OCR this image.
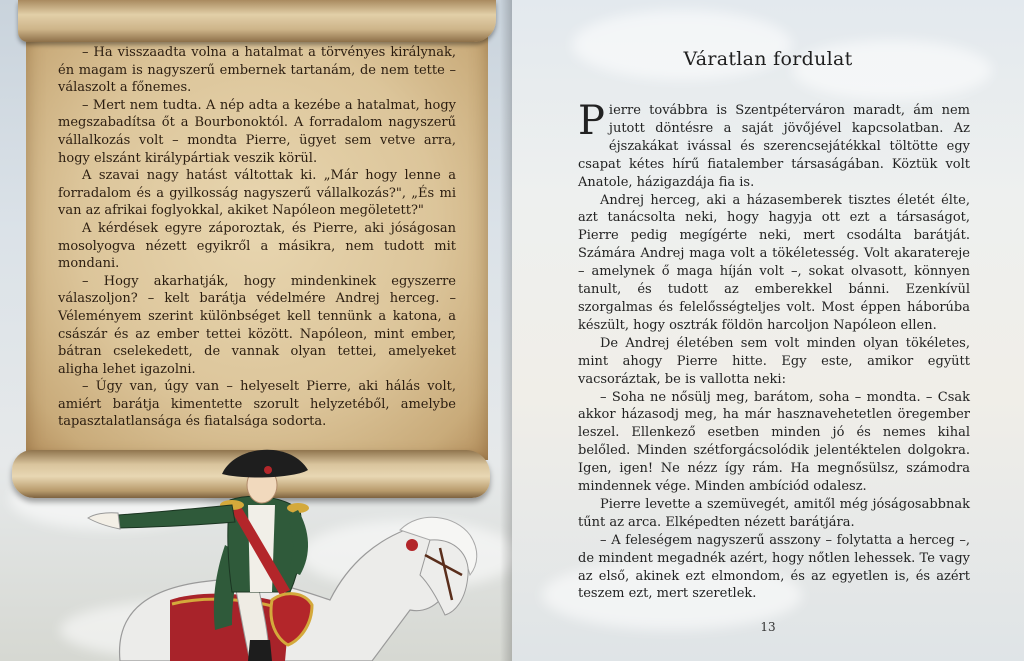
– Ha visszaadta volna a hatalmat a törvényes királynak, én magam is nagyszerű embernek tartanám, de nem tette – válaszolt a főnemes.

– Mert nem tudta. A nép adta a kezébe a hatalmat, hogy megszabadítsa őt a Bourbonoktól. A forradalom nagyszerű vállalkozás volt – mondta Pierre, ügyet sem vetve arra, hogy elszánt királypártiak veszik körül.

A szavai nagy hatást váltottak ki. „Már hogy lenne a forradalom és a gyilkosság nagyszerű vállalkozás?", „És mi van az afrikai foglyokkal, akiket Napóleon megöletett?"

A kérdések egyre záporoztak, és Pierre, aki jóságosan mosolyogva nézett egyikről a másikra, nem tudott mit mondani.

– Hogy akarhatják, hogy mindenkinek egyszerre válaszoljon? – kelt barátja védelmére Andrej herceg. – Véleményem szerint különbséget kell tennünk a katona, a császár és az ember tettei között. Napóleon, mint ember, bátran cselekedett, de vannak olyan tettei, amelyeket aligha lehet igazolni.

– Úgy van, úgy van – helyeselt Pierre, aki hálás volt, amiért barátja kimentette szorult helyzetéből, amelybe tapasztalatlansága és fiatalsága sodorta.

Váratlan fordulat

Pierre továbbra is Szentpéterváron maradt, ám nem jutott döntésre a saját jövőjével kapcsolatban. Az éjszakákat ivással és szerencsejátékkal töltötte egy csapat kétes hírű fiatalember társaságában. Köztük volt Anatole, házigazdája fia is.

Andrej herceg, aki a házasemberek tisztes életét élte, azt tanácsolta neki, hogy hagyja ott ezt a társaságot, Pierre pedig megígérte neki, mert csodálta barátját. Számára Andrej maga volt a tökéletesség. Volt akaratereje – amelynek ő maga híján volt –, sokat olvasott, könnyen tanult, és tudott az emberekkel bánni. Ezenkívül szorgalmas és felelősségteljes volt. Most éppen háborúba készült, hogy osztrák földön harcoljon Napóleon ellen.

De Andrej életében sem volt minden olyan tökéletes, mint ahogy Pierre hitte. Egy este, amikor együtt vacsoráztak, be is vallotta neki:

– Soha ne nősülj meg, barátom, soha – mondta. – Csak akkor házasodj meg, ha már hasznavehetetlen öregember leszel. Ellenkező esetben minden jó és nemes kihal belőled. Minden szétforgácsolódik jelentéktelen dolgokra. Igen, igen! Ne nézz így rám. Ha megnősülsz, számodra mindennek vége. Minden ambíciód odalesz.

Pierre levette a szemüvegét, amitől még jóságosabbnak tűnt az arca. Elképedten nézett barátjára.

– A feleségem nagyszerű asszony – folytatta a herceg –, de mindent megadnék azért, hogy nőtlen lehessek. Te vagy az első, akinek ezt elmondom, és az egyetlen is, és azért teszem ezt, mert szeretlek.

13
